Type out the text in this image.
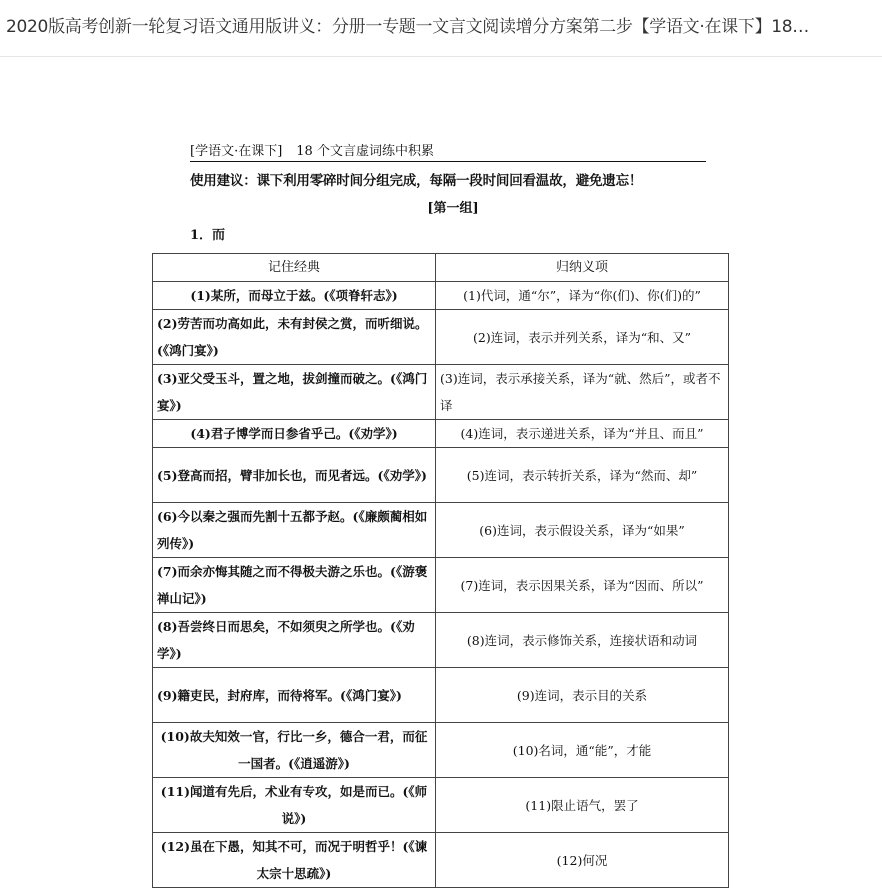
2020版高考创新一轮复习语文通用版讲义：分册一专题一文言文阅读增分方案第二步【学语文·在课下】18…
[学语文·在课下] 18 个文言虚词练中积累
使用建议：课下利用零碎时间分组完成，每隔一段时间回看温故，避免遗忘！
[第一组]
1．而
记住经典	归纳义项
(1)某所，而母立于兹。(《项脊轩志》)	(1)代词，通“尔”，译为“你(们)、你(们)的”
(2)劳苦而功高如此，未有封侯之赏，而听细说。(《鸿门宴》)	(2)连词，表示并列关系，译为“和、又”
(3)亚父受玉斗，置之地，拔剑撞而破之。(《鸿门宴》)	(3)连词，表示承接关系，译为“就、然后”，或者不译
(4)君子博学而日参省乎己。(《劝学》)	(4)连词，表示递进关系，译为“并且、而且”
(5)登高而招，臂非加长也，而见者远。(《劝学》)	(5)连词，表示转折关系，译为“然而、却”
(6)今以秦之强而先割十五都予赵。(《廉颇蔺相如列传》)	(6)连词，表示假设关系，译为“如果”
(7)而余亦悔其随之而不得极夫游之乐也。(《游褒禅山记》)	(7)连词，表示因果关系，译为“因而、所以”
(8)吾尝终日而思矣，不如须臾之所学也。(《劝学》)	(8)连词，表示修饰关系，连接状语和动词
(9)籍吏民，封府库，而待将军。(《鸿门宴》)	(9)连词，表示目的关系
(10)故夫知效一官，行比一乡，德合一君，而征一国者。(《逍遥游》)	(10)名词，通“能”，才能
(11)闻道有先后，术业有专攻，如是而已。(《师说》)	(11)限止语气，罢了
(12)虽在下愚，知其不可，而况于明哲乎！(《谏太宗十思疏》)	(12)何况
